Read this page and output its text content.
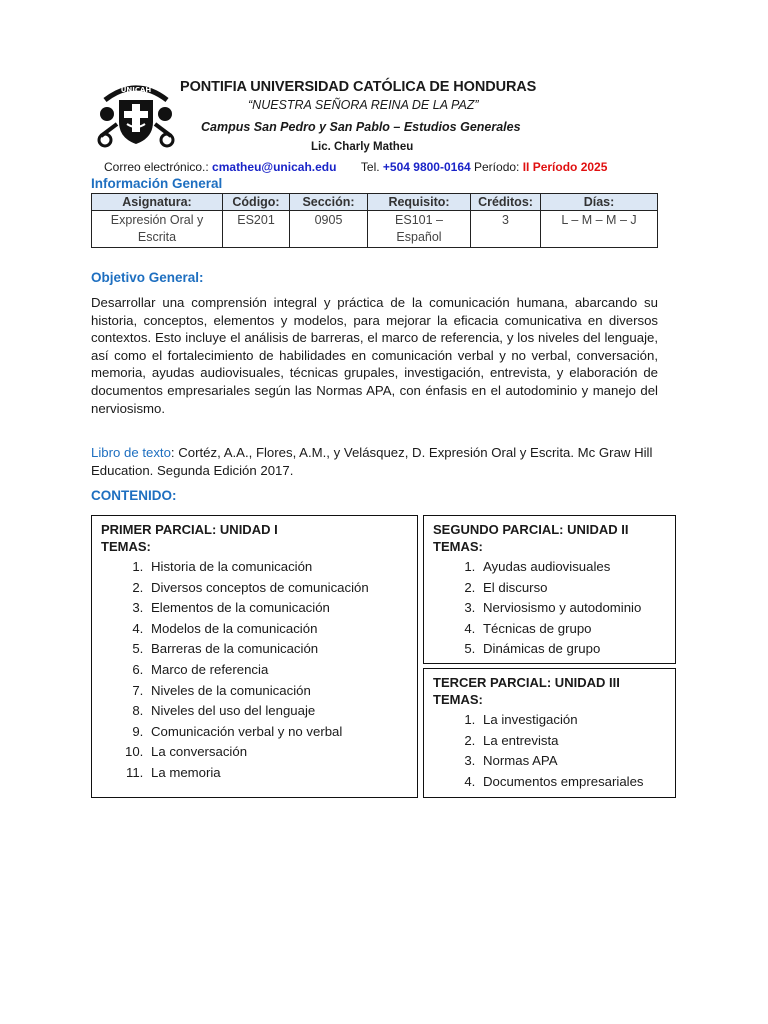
UNICAH PONTIFIA UNIVERSIDAD CATÓLICA DE HONDURAS
“NUESTRA SEÑORA REINA DE LA PAZ”
Campus San Pedro y San Pablo – Estudios Generales
Lic. Charly Matheu
Correo electrónico.: cmatheu@unicah.edu Tel. +504 9800-0164 Período: II Período 2025
Información General
Asignatura:	Código:	Sección:	Requisito:	Créditos:	Días:
Expresión Oral y Escrita	ES201	0905	ES101 – Español	3	L – M – M – J
Objetivo General:
Desarrollar una comprensión integral y práctica de la comunicación humana, abarcando su historia, conceptos, elementos y modelos, para mejorar la eficacia comunicativa en diversos contextos. Esto incluye el análisis de barreras, el marco de referencia, y los niveles del lenguaje, así como el fortalecimiento de habilidades en comunicación verbal y no verbal, conversación, memoria, ayudas audiovisuales, técnicas grupales, investigación, entrevista, y elaboración de documentos empresariales según las Normas APA, con énfasis en el autodominio y manejo del nerviosismo.
Libro de texto: Cortéz, A.A., Flores, A.M., y Velásquez, D. Expresión Oral y Escrita. Mc Graw Hill Education. Segunda Edición 2017.
CONTENIDO:
PRIMER PARCIAL: UNIDAD I
TEMAS:
1. Historia de la comunicación
2. Diversos conceptos de comunicación
3. Elementos de la comunicación
4. Modelos de la comunicación
5. Barreras de la comunicación
6. Marco de referencia
7. Niveles de la comunicación
8. Niveles del uso del lenguaje
9. Comunicación verbal y no verbal
10. La conversación
11. La memoria
SEGUNDO PARCIAL: UNIDAD II
TEMAS:
1. Ayudas audiovisuales
2. El discurso
3. Nerviosismo y autodominio
4. Técnicas de grupo
5. Dinámicas de grupo
TERCER PARCIAL: UNIDAD III
TEMAS:
1. La investigación
2. La entrevista
3. Normas APA
4. Documentos empresariales
